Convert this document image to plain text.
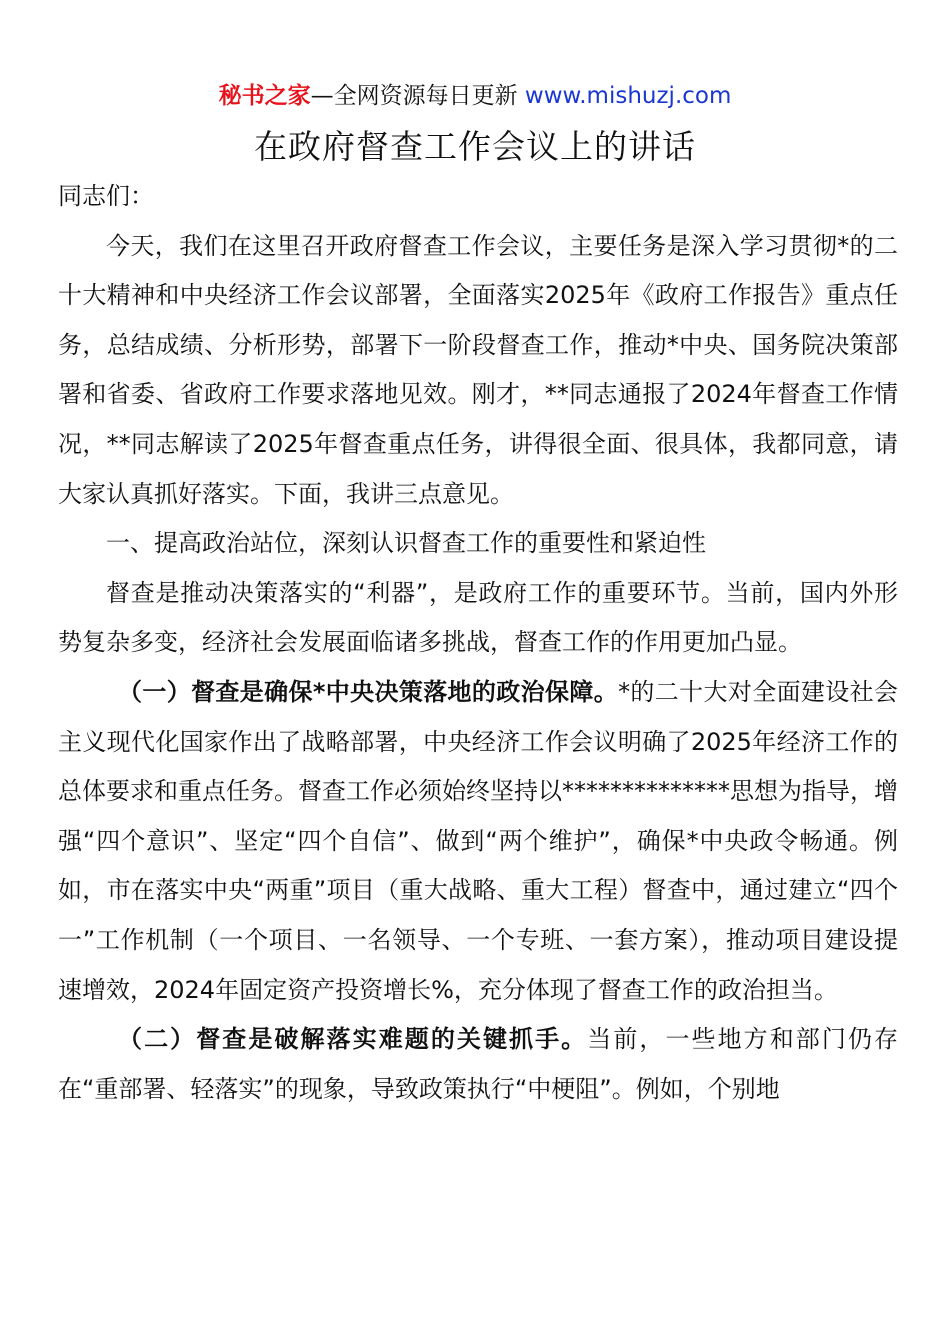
秘书之家—全网资源每日更新 www.mishuzj.com
在政府督查工作会议上的讲话

同志们：

今天，我们在这里召开政府督查工作会议，主要任务是深入学习贯彻*的二十大精神和中央经济工作会议部署，全面落实2025年《政府工作报告》重点任务，总结成绩、分析形势，部署下一阶段督查工作，推动*中央、国务院决策部署和省委、省政府工作要求落地见效。刚才，**同志通报了2024年督查工作情况，**同志解读了2025年督查重点任务，讲得很全面、很具体，我都同意，请大家认真抓好落实。下面，我讲三点意见。

一、提高政治站位，深刻认识督查工作的重要性和紧迫性

督查是推动决策落实的“利器”，是政府工作的重要环节。当前，国内外形势复杂多变，经济社会发展面临诸多挑战，督查工作的作用更加凸显。

（一）督查是确保*中央决策落地的政治保障。*的二十大对全面建设社会主义现代化国家作出了战略部署，中央经济工作会议明确了2025年经济工作的总体要求和重点任务。督查工作必须始终坚持以**************思想为指导，增强“四个意识”、坚定“四个自信”、做到“两个维护”，确保*中央政令畅通。例如，市在落实中央“两重”项目（重大战略、重大工程）督查中，通过建立“四个一”工作机制（一个项目、一名领导、一个专班、一套方案），推动项目建设提速增效，2024年固定资产投资增长%，充分体现了督查工作的政治担当。

（二）督查是破解落实难题的关键抓手。当前，一些地方和部门仍存在“重部署、轻落实”的现象，导致政策执行“中梗阻”。例如，个别地
